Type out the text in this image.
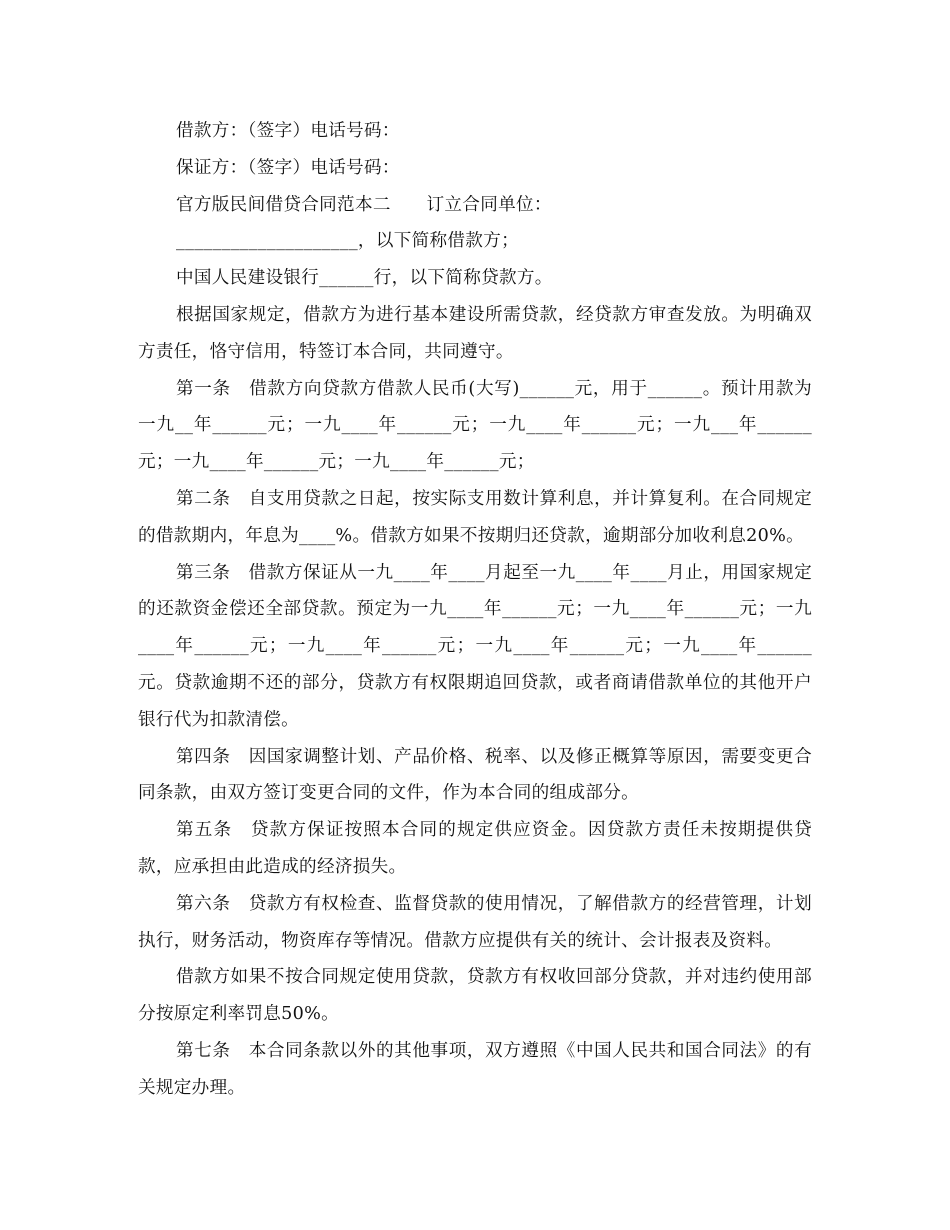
借款方：（签字）电话号码：

保证方：（签字）电话号码：

官方版民间借贷合同范本二　　订立合同单位：

____________________，以下简称借款方；

中国人民建设银行______行，以下简称贷款方。

根据国家规定，借款方为进行基本建设所需贷款，经贷款方审查发放。为明确双方责任，恪守信用，特签订本合同，共同遵守。

第一条　借款方向贷款方借款人民币(大写)______元，用于______。预计用款为一九__年______元；一九____年______元；一九____年______元；一九___年______元；一九____年______元；一九____年______元；

第二条　自支用贷款之日起，按实际支用数计算利息，并计算复利。在合同规定的借款期内，年息为____%。借款方如果不按期归还贷款，逾期部分加收利息20%。

第三条　借款方保证从一九____年____月起至一九____年____月止，用国家规定的还款资金偿还全部贷款。预定为一九____年______元；一九____年______元；一九____年______元；一九____年______元；一九____年______元；一九____年______元。贷款逾期不还的部分，贷款方有权限期追回贷款，或者商请借款单位的其他开户银行代为扣款清偿。

第四条　因国家调整计划、产品价格、税率、以及修正概算等原因，需要变更合同条款，由双方签订变更合同的文件，作为本合同的组成部分。

第五条　贷款方保证按照本合同的规定供应资金。因贷款方责任未按期提供贷款，应承担由此造成的经济损失。

第六条　贷款方有权检查、监督贷款的使用情况，了解借款方的经营管理，计划执行，财务活动，物资库存等情况。借款方应提供有关的统计、会计报表及资料。

借款方如果不按合同规定使用贷款，贷款方有权收回部分贷款，并对违约使用部分按原定利率罚息50%。

第七条　本合同条款以外的其他事项，双方遵照《中国人民共和国合同法》的有关规定办理。
